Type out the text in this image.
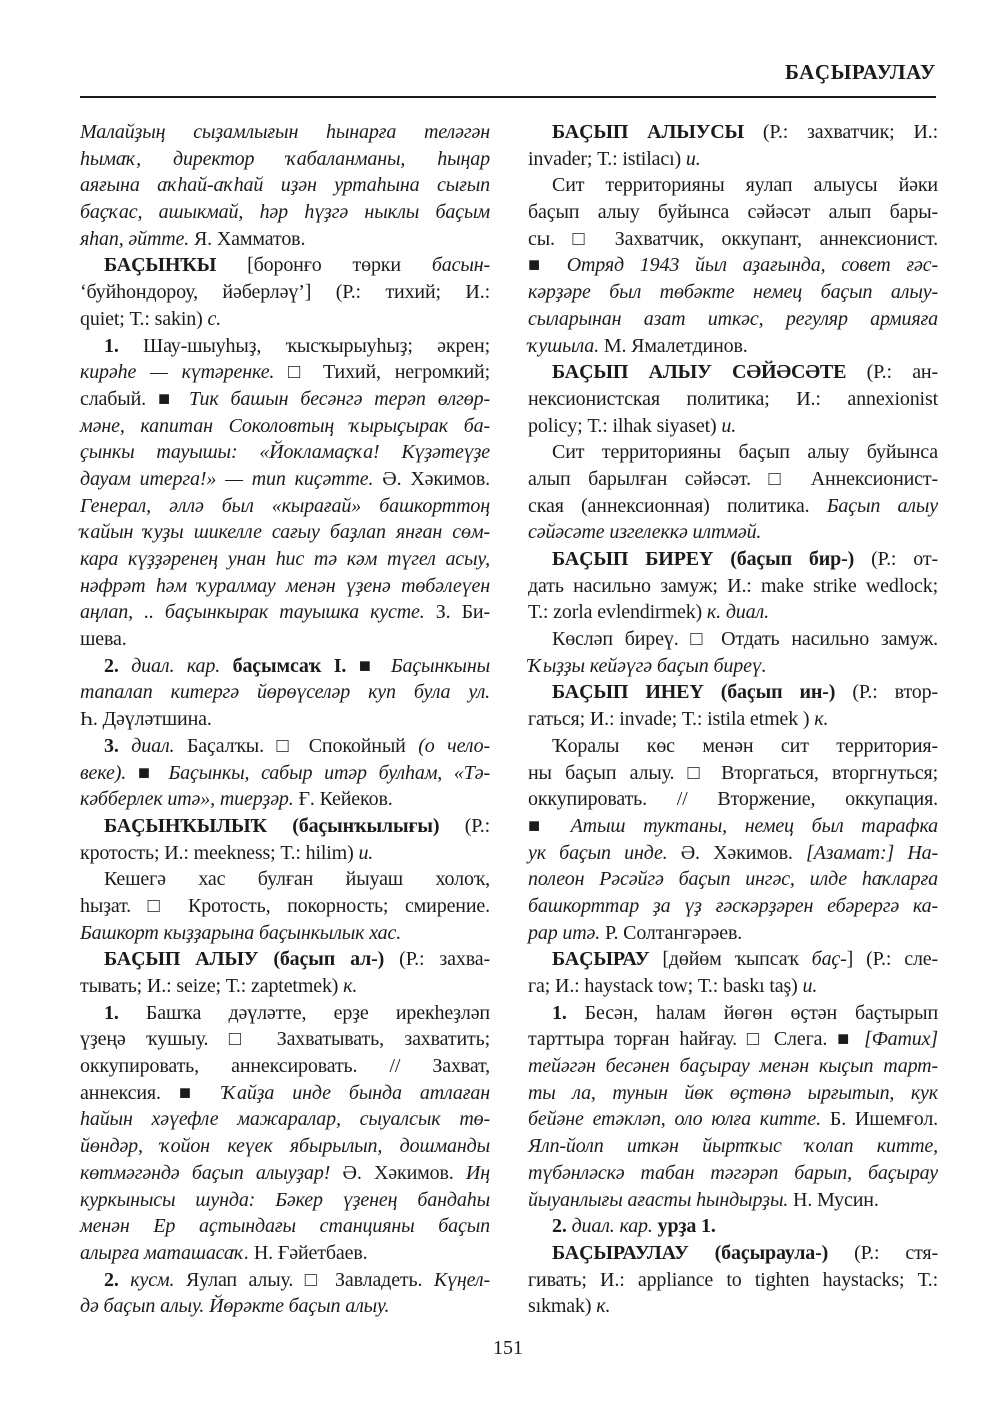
БАҪЫРАУЛАУ
Малайҙың сыҙамлығын һынарға теләгән
һымаҡ, директор ҡабаланманы, һыңар
аяғына аҡһай-аҡһай иҙән уртаһына сығып
баҫҡас, ашыкмай, һәр һүҙгә ныклы баҫым
яһап, әйтте. Я. Хамматов.
БАҪЫНҠЫ [боронғо төрки басын-
‘буйһондороу, йәберләү’] (Р.: тихий; И.:
quiet; Т.: sakin) с.
1. Шау-шыуһыҙ, ҡысҡырыуһыҙ; әкрен;
кирәһе — күтәренке. □ Тихий, негромкий;
слабый. ■ Тик башын бесәнгә терәп өлгөр-
мәне, капитан Соколовтың ҡырыҫырак ба-
ҫынкы тауышы: «Йокламаҫҡа! Күҙәтеүҙе
дауам итерга!» — тип киҫәтте. Ә. Хәкимов.
Генерал, әллә был «кырағай» башкорттоң
ҡайын ҡуҙы шикелле сағыу баҙлап янған сөм-
кара күҙҙәренең унан һис тә кәм түгел асыу,
нәфрәт һәм ҡуралмау менән үҙенә төбәлеүен
аңлап, .. баҫынкырак тауышка кусте. З. Би-
шева.
2. диал. кар. баҫымсаҡ I. ■ Баҫынкыны
тапалап китергә йөрөүселәр куп була ул.
Һ. Дәүләтшина.
3. диал. Баҫалҡы. □ Спокойный (о чело-
веке). ■ Баҫынкы, сабыр итәр булһам, «Тә-
кәбберлек итә», тиерҙәр. Ғ. Кейеков.
БАҪЫНҠЫЛЫҠ (баҫынҡылығы) (Р.:
кротость; И.: meekness; Т.: hilim) и.
Кешегә хас булған йыуаш холоҡ,
һыҙат. □ Кротость, покорность; смирение.
Башкорт кыҙҙарына баҫынкылык хас.
БАҪЫП АЛЫУ (баҫып ал-) (Р.: захва-
тывать; И.: seize; Т.: zaptetmek) к.
1. Башҡа дәүләтте, ерҙе ирекһеҙләп
үҙеңә ҡушыу. □ Захватывать, захватить;
оккупировать, аннексировать. // Захват,
аннексия. ■ Ҡайҙа инде бында атлаған
һайын хәүефле мажаралар, сыуалсык тө-
йөндәр, ҡойон кеүек ябырылып, дошманды
көтмәгәндә баҫып алыуҙар! Ә. Хәкимов. Иң
куркынысы шунда: Бәкер үҙенең бандаһы
менән Ер аҫтындағы станцияны баҫып
алырға маташасаҡ. Н. Ғәйетбаев.
2. кусм. Яулап алыу. □ Завладеть. Күңел-
дә баҫып алыу. Йөрәкте баҫып алыу.
БАҪЫП АЛЫУСЫ (Р.: захватчик; И.:
invader; Т.: istilacı) и.
Сит территорияны яулап алыусы йәки
баҫып алыу буйынса сәйәсәт алып бары-
сы. □ Захватчик, оккупант, аннексионист.
■ Отряд 1943 йыл аҙағында, совет ғәс-
кәрҙәре был төбәкте немец баҫып алыу-
сыларынан азат иткәс, регуляр армияға
ҡушыла. М. Ямалетдинов.
БАҪЫП АЛЫУ СӘЙӘСӘТЕ (Р.: ан-
нексионистская политика; И.: annexionist
policy; Т.: ilhak siyaset) и.
Сит территорияны баҫып алыу буйынса
алып барылған сәйәсәт. □ Аннексионист-
ская (аннексионная) политика. Баҫып алыу
сәйәсәте изгелеккә илтмәй.
БАҪЫП БИРЕҮ (баҫып бир-) (Р.: от-
дать насильно замуж; И.: make strike wedlock;
Т.: zorla evlendirmek) к. диал.
Көсләп биреү. □ Отдать насильно замуж.
Ҡыҙҙы кейәүгә баҫып биреү.
БАҪЫП ИНЕҮ (баҫып ин-) (Р.: втор-
гаться; И.: invade; Т.: istila etmek ) к.
Ҡоралы көс менән сит территория-
ны баҫып алыу. □ Вторгаться, вторгнуться;
оккупировать. // Вторжение, оккупация.
■ Атыш туктаны, немец был тарафка
ук баҫып инде. Ә. Хәкимов. [Азамат:] На-
полеон Рәсәйгә баҫып ингәс, илде һаҡларға
башкорттар ҙа үҙ ғәскәрҙәрен ебәрергә ка-
рар итә. Р. Солтангәрәев.
БАҪЫРАУ [дөйөм ҡыпсаҡ баҫ-] (Р.: сле-
га; И.: haystack tow; Т.: baskı taş) и.
1. Бесән, һалам йөгөн өҫтән баҫтырып
тарттыра торған һайғау. □ Слега. ■ [Фатих]
тейәгән бесәнен баҫырау менән кыҫып тарт-
ты ла, тунын йөк өҫтөнә ырғытып, кук
бейәне етәкләп, оло юлға китте. Б. Ишемғол.
Ялп-йолп иткән йыртҡыс ҡолап китте,
түбәнләскә табан тәгәрәп барып, баҫырау
йыуанлығы ағасты һындырҙы. Н. Мусин.
2. диал. кар. урҙа 1.
БАҪЫРАУЛАУ (баҫыраула-) (Р.: стя-
гивать; И.: appliance to tighten haystacks; Т.:
sıkmak) к.
151
